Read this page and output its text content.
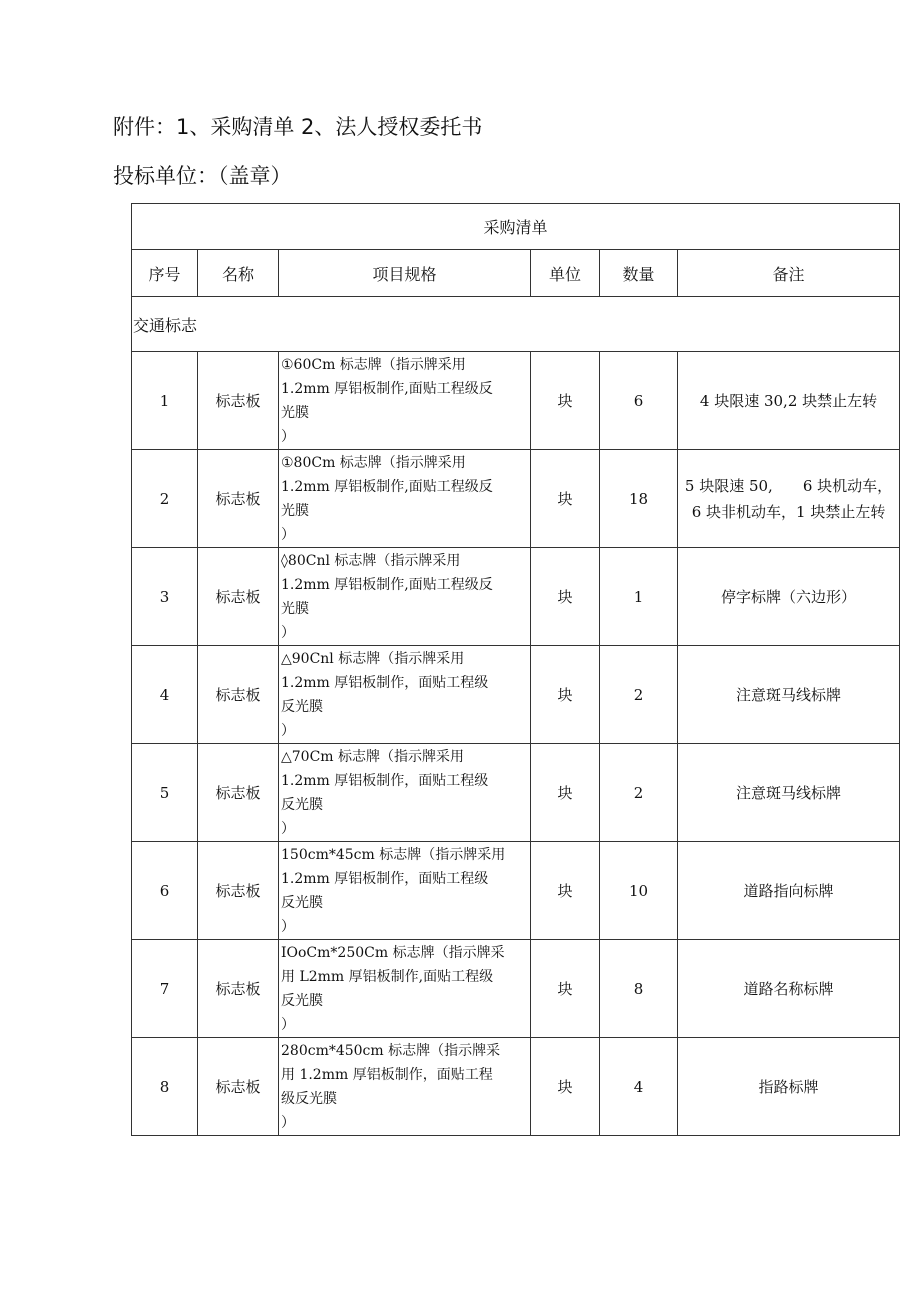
附件：1、采购清单 2、法人授权委托书
投标单位：（盖章）
采购清单					
序号	名称	项目规格	单位	数量	备注
交通标志					
1	标志板	①60Cm 标志牌（指示牌采用
1.2mm 厚铝板制作,面贴工程级反
光膜
）	块	6	4 块限速 30,2 块禁止左转
2	标志板	①80Cm 标志牌（指示牌采用
1.2mm 厚铝板制作,面贴工程级反
光膜
）	块	18	5 块限速 50,　　6 块机动车，6 块非机动车，1 块禁止左转
3	标志板	◊80Cnl 标志牌（指示牌采用
1.2mm 厚铝板制作,面贴工程级反
光膜
）	块	1	停字标牌（六边形）
4	标志板	△90Cnl 标志牌（指示牌采用
1.2mm 厚铝板制作，面贴工程级
反光膜
）	块	2	注意斑马线标牌
5	标志板	△70Cm 标志牌（指示牌采用
1.2mm 厚铝板制作，面贴工程级
反光膜
）	块	2	注意斑马线标牌
6	标志板	150cm*45cm 标志牌（指示牌采用
1.2mm 厚铝板制作，面贴工程级
反光膜
）	块	10	道路指向标牌
7	标志板	IOoCm*250Cm 标志牌（指示牌采
用 L2mm 厚铝板制作,面贴工程级
反光膜
）	块	8	道路名称标牌
8	标志板	280cm*450cm 标志牌（指示牌采
用 1.2mm 厚铝板制作，面贴工程
级反光膜
）	块	4	指路标牌
